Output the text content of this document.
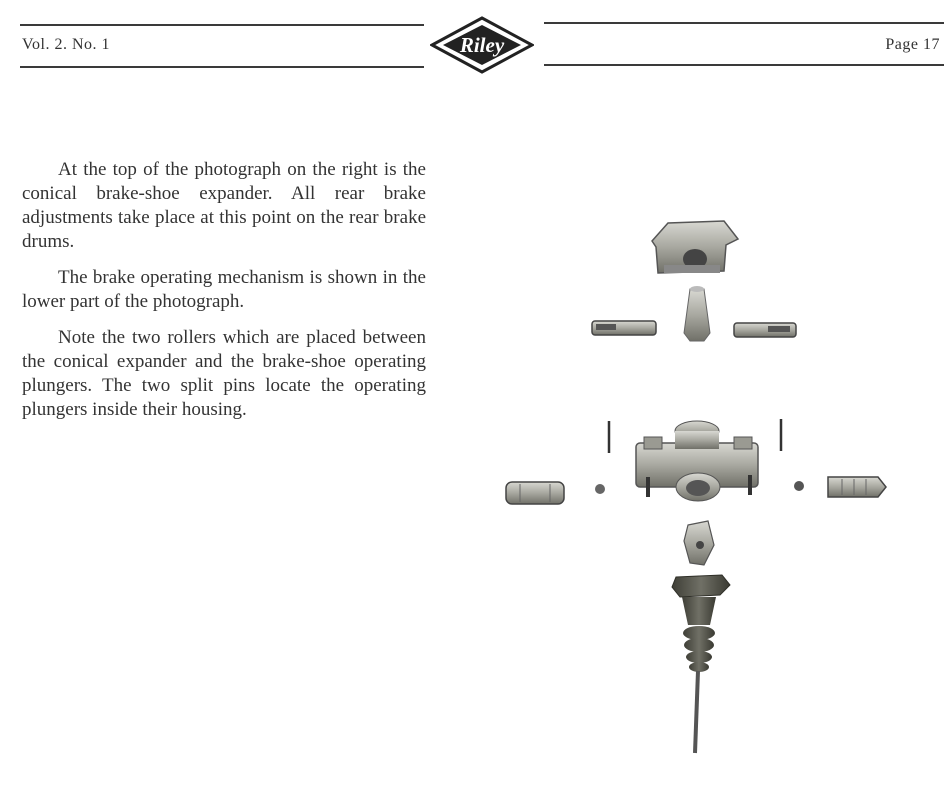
Vol. 2. No. 1	Page 17
Riley

At the top of the photograph on the right is the conical brake-shoe expander. All rear brake adjustments take place at this point on the rear brake drums.

The brake operating mechanism is shown in the lower part of the photograph.

Note the two rollers which are placed between the conical expander and the brake-shoe operating plungers. The two split pins locate the operating plungers inside their housing.
